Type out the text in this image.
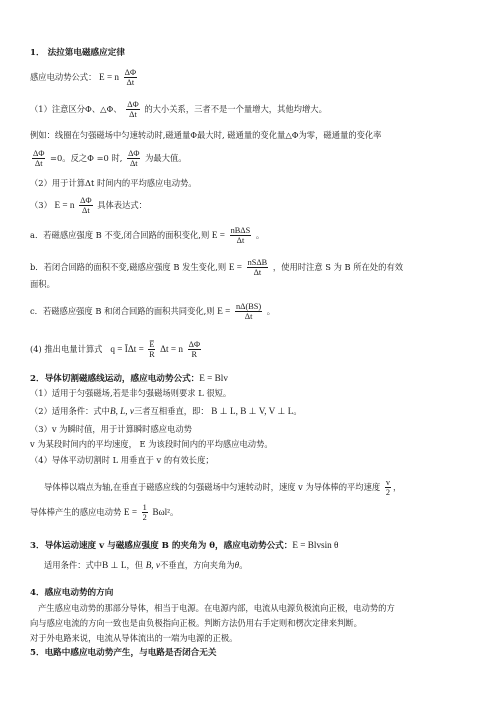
1． 法拉第电磁感应定律
感应电动势公式： E = n $\frac{\Delta\Phi}{\Delta t}$
（1）注意区分Φ、△Φ、 $\frac{\Delta\Phi}{\Delta t}$ 的大小关系，三者不是一个量增大，其他均增大。
例如：线圈在匀强磁场中匀速转动时,磁通量Φ最大时, 磁通量的变化量△Φ为零，磁通量的变化率
$\frac{\Delta\Phi}{\Delta t} =0$。反之Φ =0 时, $\frac{\Delta\Phi}{\Delta t}$ 为最大值。
（2）用于计算Δt 时间内的平均感应电动势。
（3） E = n $\frac{\Delta\Phi}{\Delta t}$ 具体表达式：
a．若磁感应强度 B 不变,闭合回路的面积变化,则 $E = \frac{\text{nBΔS}}{\Delta t}$ 。
b．若闭合回路的面积不变,磁感应强度 B 发生变化,则 $E = \frac{\text{nSΔB}}{\Delta t}$ ，使用时注意 S 为 B 所在处的有效
面积。
c．若磁感应强度 B 和闭合回路的面积共同变化,则 $E = \frac{n\Delta(BS)}{\Delta t}$ 。
(4) 推出电量计算式 q = ĪΔt = $\frac{E̅}{R}$ Δt = n $\frac{\Delta\Phi}{R}$
2．导体切割磁感线运动，感应电动势公式：E = Blv
（1）适用于匀强磁场,若是非匀强磁场则要求 L 很短。
（2）适用条件：式中B, L, v三者互相垂直，即： B ⊥ L, B ⊥ V, V ⊥ L。
（3）v 为瞬时值，用于计算瞬时感应电动势
v 为某段时间内的平均速度， E 为该段时间内的平均感应电动势。
（4）导体平动切割时 L 用垂直于 v 的有效长度；
导体棒以端点为轴,在垂直于磁感应线的匀强磁场中匀速转动时，速度 v 为导体棒的平均速度 $\frac{v}{2}$ ，
导体棒产生的感应电动势 $E = \frac{1}{2} B\omega l^2$。
3．导体运动速度 v 与磁感应强度 B 的夹角为 θ，感应电动势公式：E = Blvsin θ
适用条件：式中B ⊥ L，但 B, v不垂直，方向夹角为θ。
4．感应电动势的方向
产生感应电动势的那部分导体，相当于电源。在电源内部，电流从电源负极流向正极，电动势的方
向与感应电流的方向一致也是由负极指向正极。判断方法仍用右手定则和楞次定律来判断。
对于外电路来说，电流从导体流出的一端为电源的正极。
5．电路中感应电动势产生，与电路是否闭合无关
